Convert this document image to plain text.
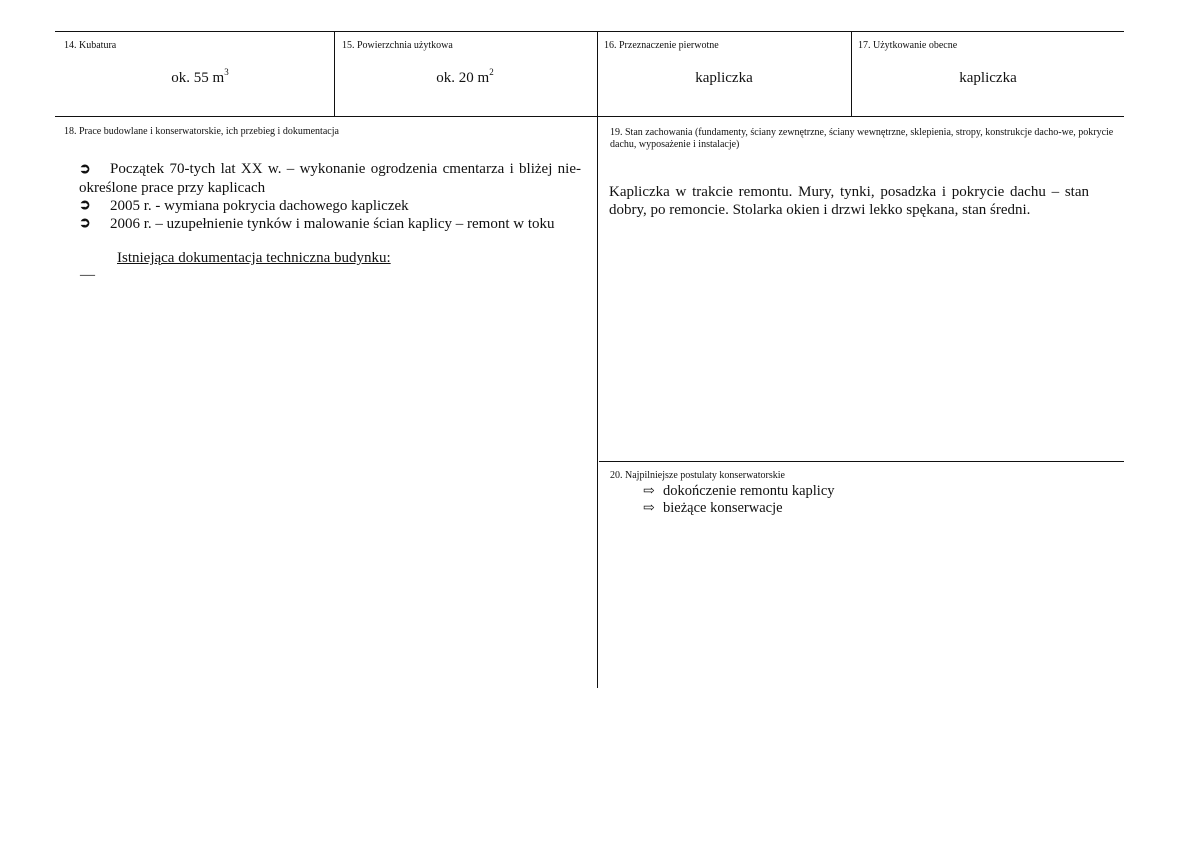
14. Kubatura
ok. 55 $m^3$
15. Powierzchnia użytkowa
ok. 20 $m^2$
16. Przeznaczenie pierwotne
kapliczka
17. Użytkowanie obecne
kapliczka
18. Prace budowlane i konserwatorskie, ich przebieg i dokumentacja
➲ Początek 70-tych lat XX w. – wykonanie ogrodzenia cmentarza i bliżej nie-określone prace przy kaplicach
➲ 2005 r. - wymiana pokrycia dachowego kapliczek
➲ 2006 r. – uzupełnienie tynków i malowanie ścian kaplicy – remont w toku
Istniejąca dokumentacja techniczna budynku:
—
19. Stan zachowania (fundamenty, ściany zewnętrzne, ściany wewnętrzne, sklepienia, stropy, konstrukcje dacho-we, pokrycie dachu, wyposażenie i instalacje)
Kapliczka w trakcie remontu. Mury, tynki, posadzka i pokrycie dachu – stan dobry, po remoncie. Stolarka okien i drzwi lekko spękana, stan średni.
20. Najpilniejsze postulaty konserwatorskie
⇨ dokończenie remontu kaplicy
⇨ bieżące konserwacje
